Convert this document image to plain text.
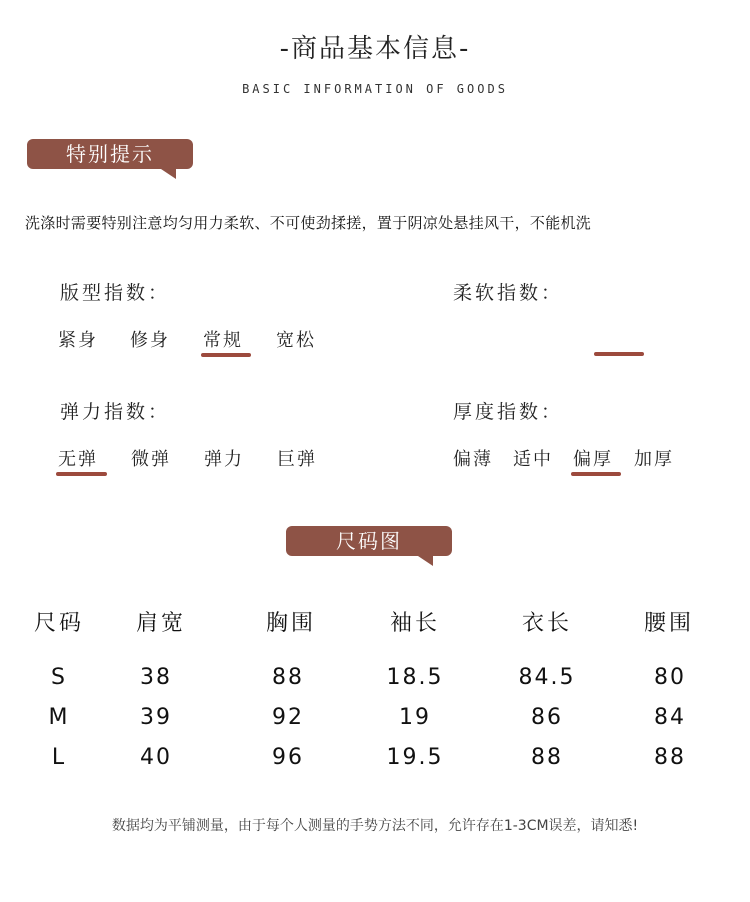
-商品基本信息-
BASIC INFORMATION OF GOODS
特别提示
洗涤时需要特别注意均匀用力柔软、不可使劲揉搓，置于阴凉处悬挂风干，不能机洗
版型指数：
紧身 修身 常规 宽松
柔软指数：
弹力指数：
无弹 微弹 弹力 巨弹
厚度指数：
偏薄 适中 偏厚 加厚
尺码图
尺码	肩宽	胸围	袖长	衣长	腰围
S	38	88	18.5	84.5	80
M	39	92	19	86	84
L	40	96	19.5	88	88
数据均为平铺测量，由于每个人测量的手势方法不同，允许存在1-3CM误差，请知悉!
